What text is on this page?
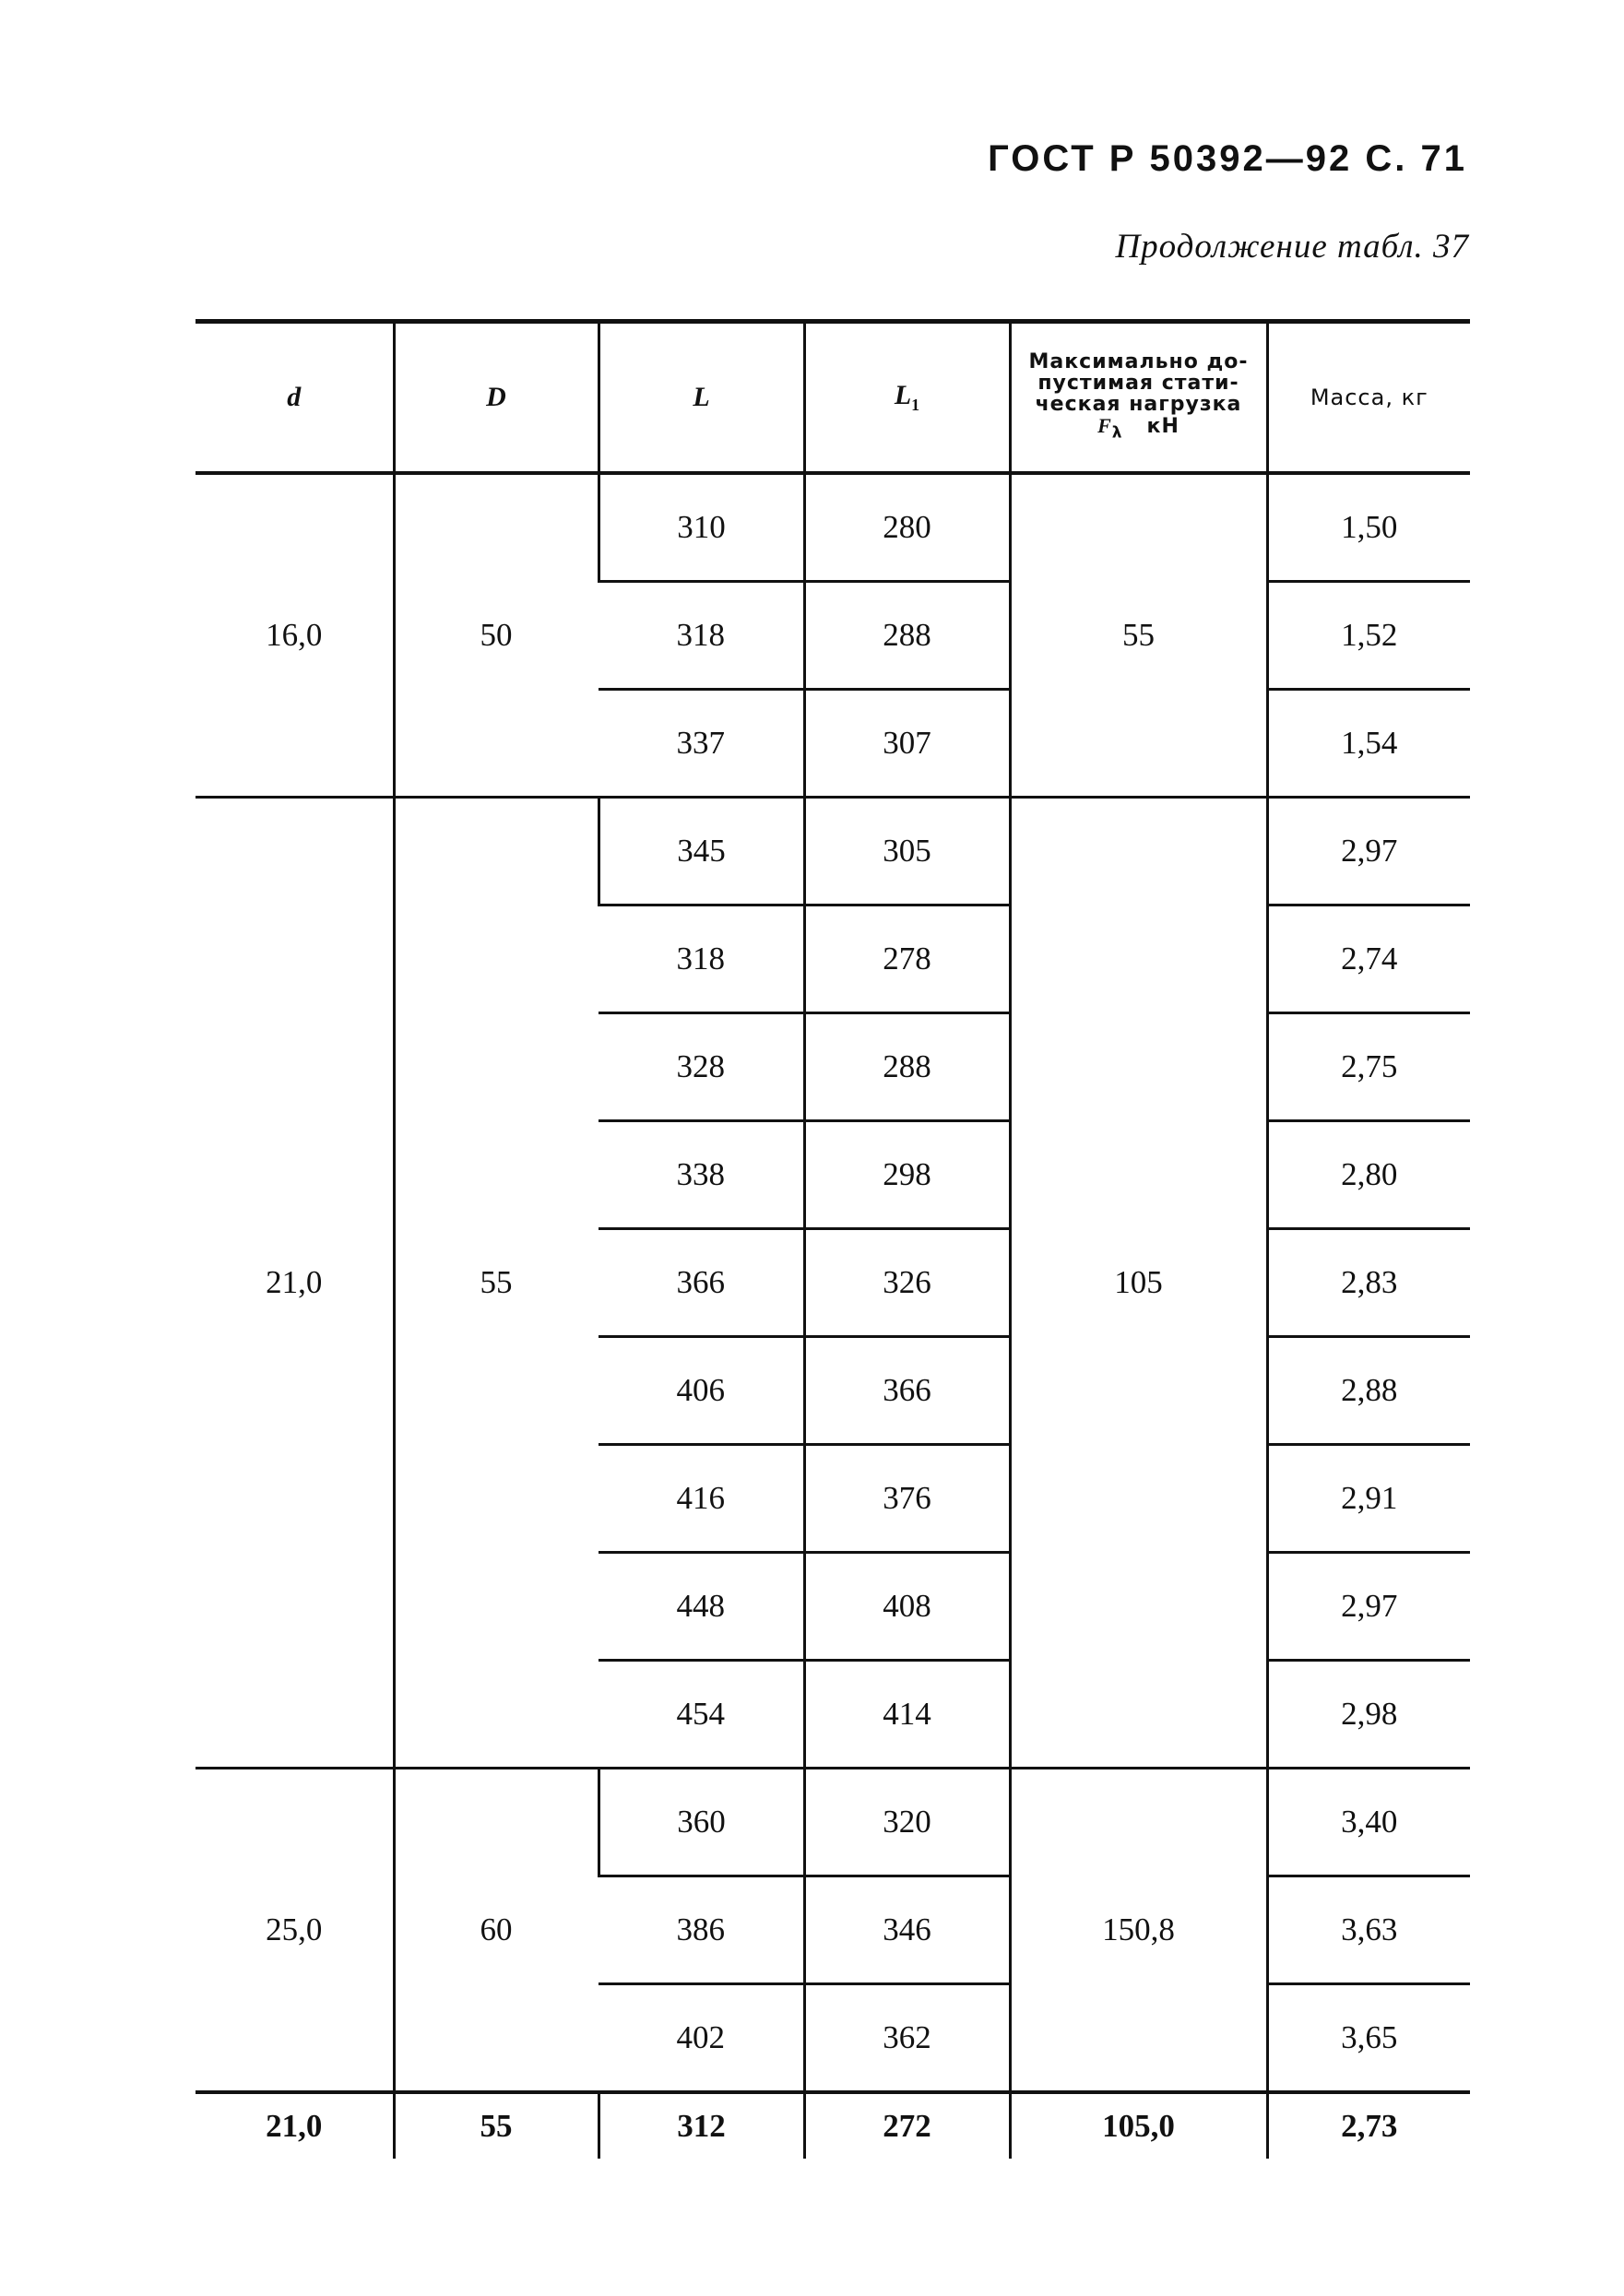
ГОСТ Р 50392—92 С. 71
Продолжение табл. 37
d	D	L	$L_1$	Максимально до-
пустимая стати-
ческая нагрузка
$F_\lambda$ кН	Масса, кг
16,0	50	310	280	55	1,50
		318	288		1,52
		337	307		1,54
21,0	55	345	305	105	2,97
		318	278		2,74
		328	288		2,75
		338	298		2,80
		366	326		2,83
		406	366		2,88
		416	376		2,91
		448	408		2,97
		454	414		2,98
25,0	60	360	320	150,8	3,40
		386	346		3,63
		402	362		3,65
21,0	55	312	272	105,0	2,73
